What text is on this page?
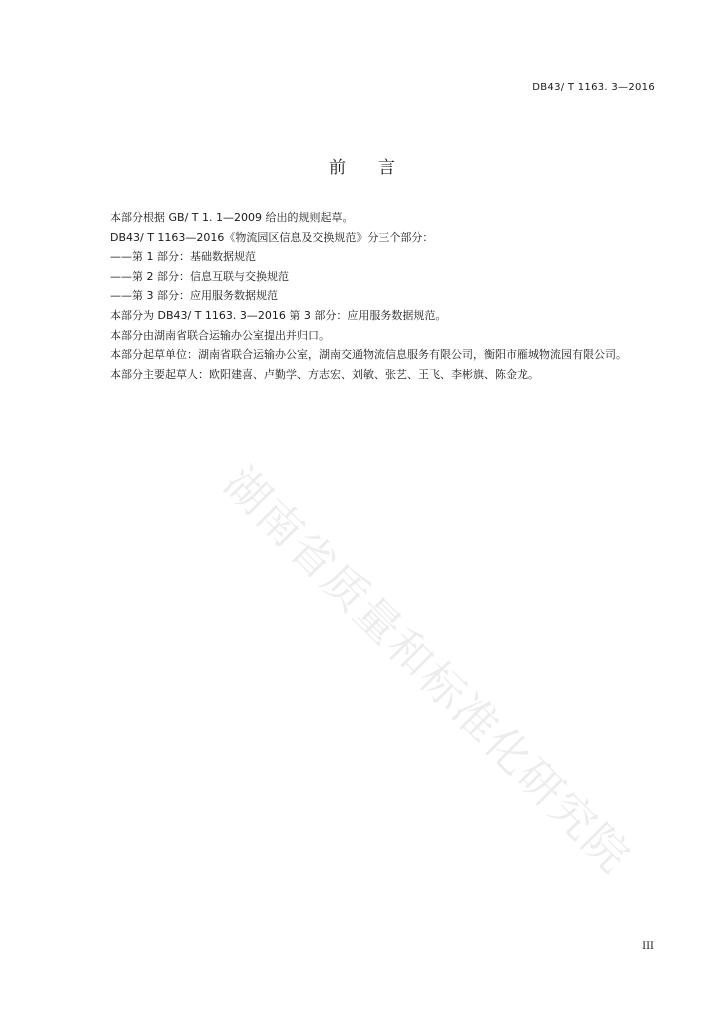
DB43/ T 1163. 3—2016
前言

本部分根据 GB/ T 1. 1—2009 给出的规则起草。

DB43/ T 1163—2016《物流园区信息及交换规范》分三个部分：

——第 1 部分：基础数据规范

——第 2 部分：信息互联与交换规范

——第 3 部分：应用服务数据规范

本部分为 DB43/ T 1163. 3—2016 第 3 部分：应用服务数据规范。

本部分由湖南省联合运输办公室提出并归口。

本部分起草单位：湖南省联合运输办公室，湖南交通物流信息服务有限公司，衡阳市雁城物流园有限公司。

本部分主要起草人：欧阳建喜、卢勤学、方志宏、刘敏、张艺、王飞、李彬旗、陈金龙。

湖南省质量和标准化研究院
III
